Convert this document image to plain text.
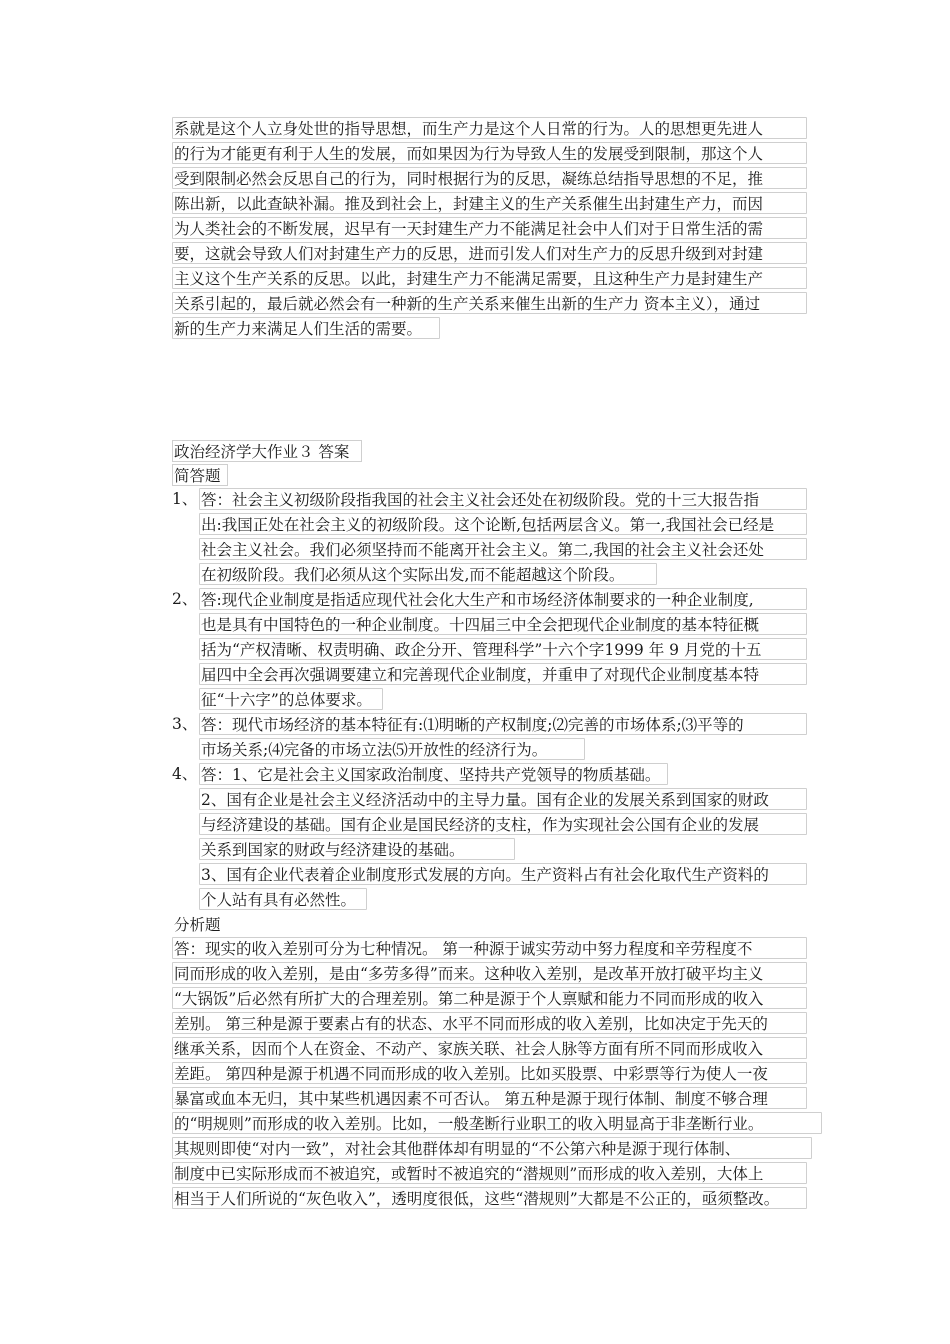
系就是这个人立身处世的指导思想，而生产力是这个人日常的行为。人的思想更先进人
的行为才能更有利于人生的发展，而如果因为行为导致人生的发展受到限制，那这个人
受到限制必然会反思自己的行为，同时根据行为的反思，凝练总结指导思想的不足，推
陈出新，以此查缺补漏。推及到社会上，封建主义的生产关系催生出封建生产力，而因
为人类社会的不断发展，迟早有一天封建生产力不能满足社会中人们对于日常生活的需
要，这就会导致人们对封建生产力的反思，进而引发人们对生产力的反思升级到对封建
主义这个生产关系的反思。以此，封建生产力不能满足需要，且这种生产力是封建生产
关系引起的，最后就必然会有一种新的生产关系来催生出新的生产力 资本主义），通过
新的生产力来满足人们生活的需要。
政治经济学大作业３ 答案
简答题
1、 答：社会主义初级阶段指我国的社会主义社会还处在初级阶段。党的十三大报告指
出:我国正处在社会主义的初级阶段。这个论断,包括两层含义。第一,我国社会已经是
社会主义社会。我们必须坚持而不能离开社会主义。第二,我国的社会主义社会还处
在初级阶段。我们必须从这个实际出发,而不能超越这个阶段。
2、 答:现代企业制度是指适应现代社会化大生产和市场经济体制要求的一种企业制度,
也是具有中国特色的一种企业制度。十四届三中全会把现代企业制度的基本特征概
括为“产权清晰、权责明确、政企分开、管理科学”十六个字1999 年 9 月党的十五
届四中全会再次强调要建立和完善现代企业制度，并重申了对现代企业制度基本特
征“十六字”的总体要求。
3、 答：现代市场经济的基本特征有:⑴明晰的产权制度;⑵完善的市场体系;⑶平等的
市场关系;⑷完备的市场立法⑸开放性的经济行为。
4、 答：1、它是社会主义国家政治制度、坚持共产党领导的物质基础。
2、国有企业是社会主义经济活动中的主导力量。国有企业的发展关系到国家的财政
与经济建设的基础。国有企业是国民经济的支柱，作为实现社会公国有企业的发展
关系到国家的财政与经济建设的基础。
3、国有企业代表着企业制度形式发展的方向。生产资料占有社会化取代生产资料的
个人站有具有必然性。
分析题
答：现实的收入差别可分为七种情况。 第一种源于诚实劳动中努力程度和辛劳程度不
同而形成的收入差别，是由“多劳多得”而来。这种收入差别，是改革开放打破平均主义
“大锅饭”后必然有所扩大的合理差别。第二种是源于个人禀赋和能力不同而形成的收入
差别。 第三种是源于要素占有的状态、水平不同而形成的收入差别，比如决定于先天的
继承关系，因而个人在资金、不动产、家族关联、社会人脉等方面有所不同而形成收入
差距。 第四种是源于机遇不同而形成的收入差别。比如买股票、中彩票等行为使人一夜
暴富或血本无归，其中某些机遇因素不可否认。 第五种是源于现行体制、制度不够合理
的“明规则”而形成的收入差别。比如，一般垄断行业职工的收入明显高于非垄断行业。
其规则即使“对内一致”，对社会其他群体却有明显的“不公第六种是源于现行体制、
制度中已实际形成而不被追究，或暂时不被追究的“潜规则”而形成的收入差别，大体上
相当于人们所说的“灰色收入”，透明度很低，这些“潜规则”大都是不公正的，亟须整改。
